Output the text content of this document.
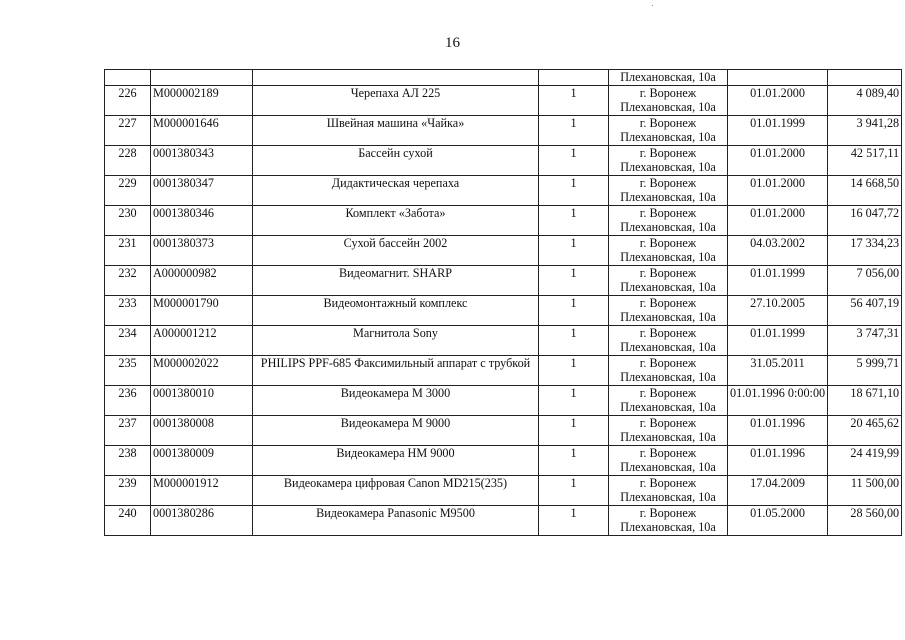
16
				Плехановская, 10а		
226	М000002189	Черепаха АЛ 225	1	г. Воронеж
Плехановская, 10а	01.01.2000	4 089,40
227	М000001646	Швейная машина «Чайка»	1	г. Воронеж
Плехановская, 10а	01.01.1999	3 941,28
228	0001380343	Бассейн сухой	1	г. Воронеж
Плехановская, 10а	01.01.2000	42 517,11
229	0001380347	Дидактическая черепаха	1	г. Воронеж
Плехановская, 10а	01.01.2000	14 668,50
230	0001380346	Комплект «Забота»	1	г. Воронеж
Плехановская, 10а	01.01.2000	16 047,72
231	0001380373	Сухой бассейн 2002	1	г. Воронеж
Плехановская, 10а	04.03.2002	17 334,23
232	А000000982	Видеомагнит. SHARP	1	г. Воронеж
Плехановская, 10а	01.01.1999	7 056,00
233	М000001790	Видеомонтажный комплекс	1	г. Воронеж
Плехановская, 10а	27.10.2005	56 407,19
234	А000001212	Магнитола Sony	1	г. Воронеж
Плехановская, 10а	01.01.1999	3 747,31
235	М000002022	PHILIPS PPF-685 Факсимильный аппарат с трубкой	1	г. Воронеж
Плехановская, 10а	31.05.2011	5 999,71
236	0001380010	Видеокамера М 3000	1	г. Воронеж
Плехановская, 10а	01.01.1996 0:00:00	18 671,10
237	0001380008	Видеокамера М 9000	1	г. Воронеж
Плехановская, 10а	01.01.1996	20 465,62
238	0001380009	Видеокамера НМ 9000	1	г. Воронеж
Плехановская, 10а	01.01.1996	24 419,99
239	М000001912	Видеокамера цифровая Canon MD215(235)	1	г. Воронеж
Плехановская, 10а	17.04.2009	11 500,00
240	0001380286	Видеокамера Panasonic M9500	1	г. Воронеж
Плехановская, 10а	01.05.2000	28 560,00
